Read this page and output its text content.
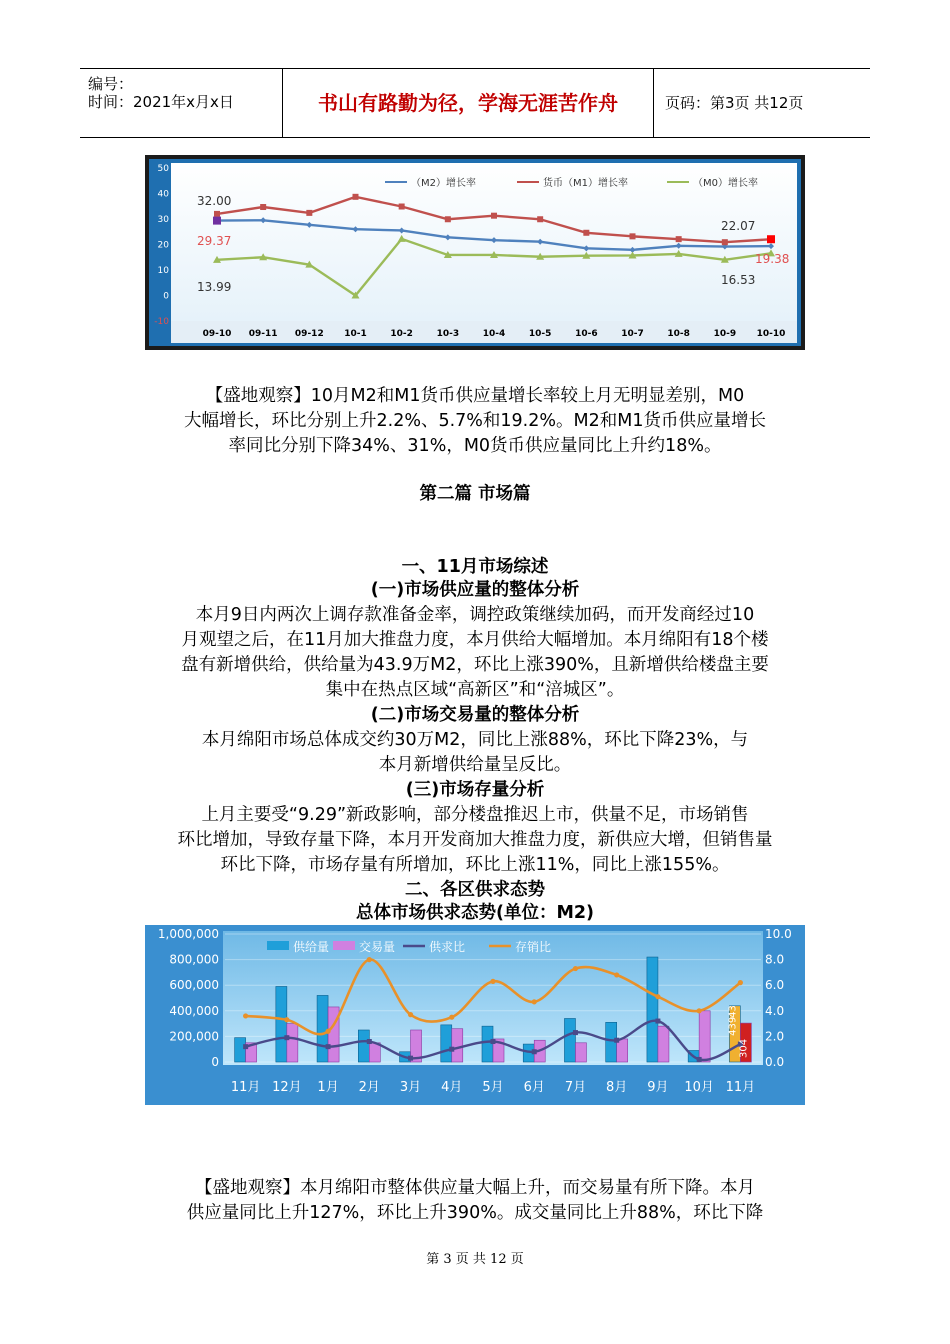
编号：
时间：2021年x月x日	书山有路勤为径，学海无涯苦作舟	页码：第3页 共12页
-10
0
10
20
30
40
50
09-10 09-11 09-12 10-1	10-2	10-3	10-4	10-5	10-6	10-7	10-8	10-9 10-10
（M2）增长率	货币（M1）增长率	（M0）增长率
32.00
29.37
13.99
22.07
16.53
19.38
【盛地观察】10月M2和M1货币供应量增长率较上月无明显差别，M0
大幅增长，环比分别上升2.2%、5.7%和19.2%。M2和M1货币供应量增长
率同比分别下降34%、31%，M0货币供应量同比上升约18%。
第二篇 市场篇
一、11月市场综述
(一)市场供应量的整体分析
本月9日内两次上调存款准备金率，调控政策继续加码，而开发商经过10
月观望之后，在11月加大推盘力度，本月供给大幅增加。本月绵阳有18个楼
盘有新增供给，供给量为43.9万M2，环比上涨390%，且新增供给楼盘主要
集中在热点区域“高新区”和“涪城区”。
(二)市场交易量的整体分析
本月绵阳市场总体成交约30万M2，同比上涨88%，环比下降23%，与
本月新增供给量呈反比。
(三)市场存量分析
上月主要受“9.29”新政影响，部分楼盘推迟上市，供量不足，市场销售
环比增加，导致存量下降，本月开发商加大推盘力度，新供应大增，但销售量
环比下降，市场存量有所增加，环比上涨11%，同比上涨155%。
二、各区供求态势
总体市场供求态势(单位：M2)
0
200,000
400,000
600,000
800,000
1,000,000
0.0
2.0
4.0
6.0
8.0
10.0
11月 12月 1月 2月 3月 4月 5月 6月 7月 8月 9月 10月 11月
供给量 交易量	供求比	存销比
439
304
43
【盛地观察】本月绵阳市整体供应量大幅上升，而交易量有所下降。本月
供应量同比上升127%，环比上升390%。成交量同比上升88%，环比下降
第 3 页 共 12 页
